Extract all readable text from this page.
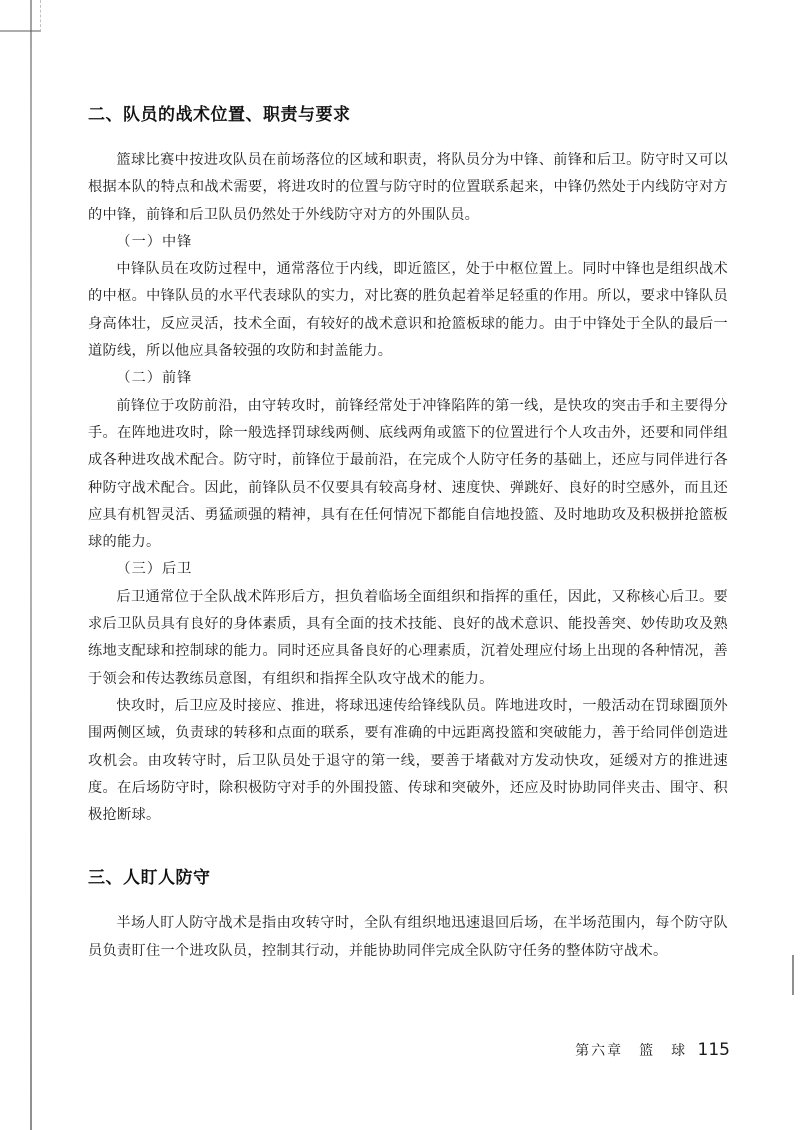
二、队员的战术位置、职责与要求

篮球比赛中按进攻队员在前场落位的区域和职责，将队员分为中锋、前锋和后卫。防守时又可以根据本队的特点和战术需要，将进攻时的位置与防守时的位置联系起来，中锋仍然处于内线防守对方的中锋，前锋和后卫队员仍然处于外线防守对方的外围队员。

（一）中锋

中锋队员在攻防过程中，通常落位于内线，即近篮区，处于中枢位置上。同时中锋也是组织战术的中枢。中锋队员的水平代表球队的实力，对比赛的胜负起着举足轻重的作用。所以，要求中锋队员身高体壮，反应灵活，技术全面，有较好的战术意识和抢篮板球的能力。由于中锋处于全队的最后一道防线，所以他应具备较强的攻防和封盖能力。

（二）前锋

前锋位于攻防前沿，由守转攻时，前锋经常处于冲锋陷阵的第一线，是快攻的突击手和主要得分手。在阵地进攻时，除一般选择罚球线两侧、底线两角或篮下的位置进行个人攻击外，还要和同伴组成各种进攻战术配合。防守时，前锋位于最前沿，在完成个人防守任务的基础上，还应与同伴进行各种防守战术配合。因此，前锋队员不仅要具有较高身材、速度快、弹跳好、良好的时空感外，而且还应具有机智灵活、勇猛顽强的精神，具有在任何情况下都能自信地投篮、及时地助攻及积极拼抢篮板球的能力。

（三）后卫

后卫通常位于全队战术阵形后方，担负着临场全面组织和指挥的重任，因此，又称核心后卫。要求后卫队员具有良好的身体素质，具有全面的技术技能、良好的战术意识、能投善突、妙传助攻及熟练地支配球和控制球的能力。同时还应具备良好的心理素质，沉着处理应付场上出现的各种情况，善于领会和传达教练员意图，有组织和指挥全队攻守战术的能力。

快攻时，后卫应及时接应、推进，将球迅速传给锋线队员。阵地进攻时，一般活动在罚球圈顶外围两侧区域，负责球的转移和点面的联系，要有准确的中远距离投篮和突破能力，善于给同伴创造进攻机会。由攻转守时，后卫队员处于退守的第一线，要善于堵截对方发动快攻，延缓对方的推进速度。在后场防守时，除积极防守对手的外围投篮、传球和突破外，还应及时协助同伴夹击、围守、积极抢断球。

三、人盯人防守

半场人盯人防守战术是指由攻转守时，全队有组织地迅速退回后场，在半场范围内，每个防守队员负责盯住一个进攻队员，控制其行动，并能协助同伴完成全队防守任务的整体防守战术。

第六章　篮　球 115
